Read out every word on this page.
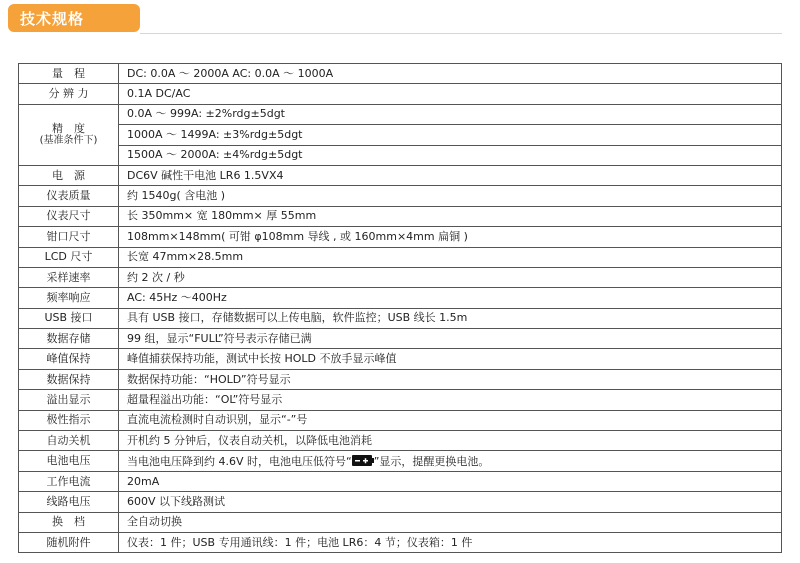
技术规格
量　程	DC: 0.0A ～ 2000A AC: 0.0A ～ 1000A
分 辨 力	0.1A DC/AC

精　度
(基准条件下)	0.0A ～ 999A: ±2%rdg±5dgt
	1000A ～ 1499A: ±3%rdg±5dgt
	1500A ～ 2000A: ±4%rdg±5dgt
电　源	DC6V 碱性干电池 LR6 1.5VX4
仪表质量	约 1540g( 含电池 )
仪表尺寸	长 350mm× 宽 180mm× 厚 55mm
钳口尺寸	108mm×148mm( 可钳 φ108mm 导线 , 或 160mm×4mm 扁铜 )
LCD 尺寸	长宽 47mm×28.5mm
采样速率	约 2 次 / 秒
频率响应	AC: 45Hz ～400Hz
USB 接口	具有 USB 接口，存储数据可以上传电脑，软件监控；USB 线长 1.5m
数据存储	99 组，显示“FULL”符号表示存储已满
峰值保持	峰值捕获保持功能，测试中长按 HOLD 不放手显示峰值
数据保持	数据保持功能：“HOLD”符号显示
溢出显示	超量程溢出功能：“OL”符号显示
极性指示	直流电流检测时自动识别，显示“-”号
自动关机	开机约 5 分钟后，仪表自动关机，以降低电池消耗
电池电压	当电池电压降到约 4.6V 时，电池电压低符号“ ”显示，提醒更换电池。
工作电流	20mA
线路电压	600V 以下线路测试
换　档	全自动切换
随机附件	仪表：1 件；USB 专用通讯线：1 件；电池 LR6：4 节；仪表箱：1 件
